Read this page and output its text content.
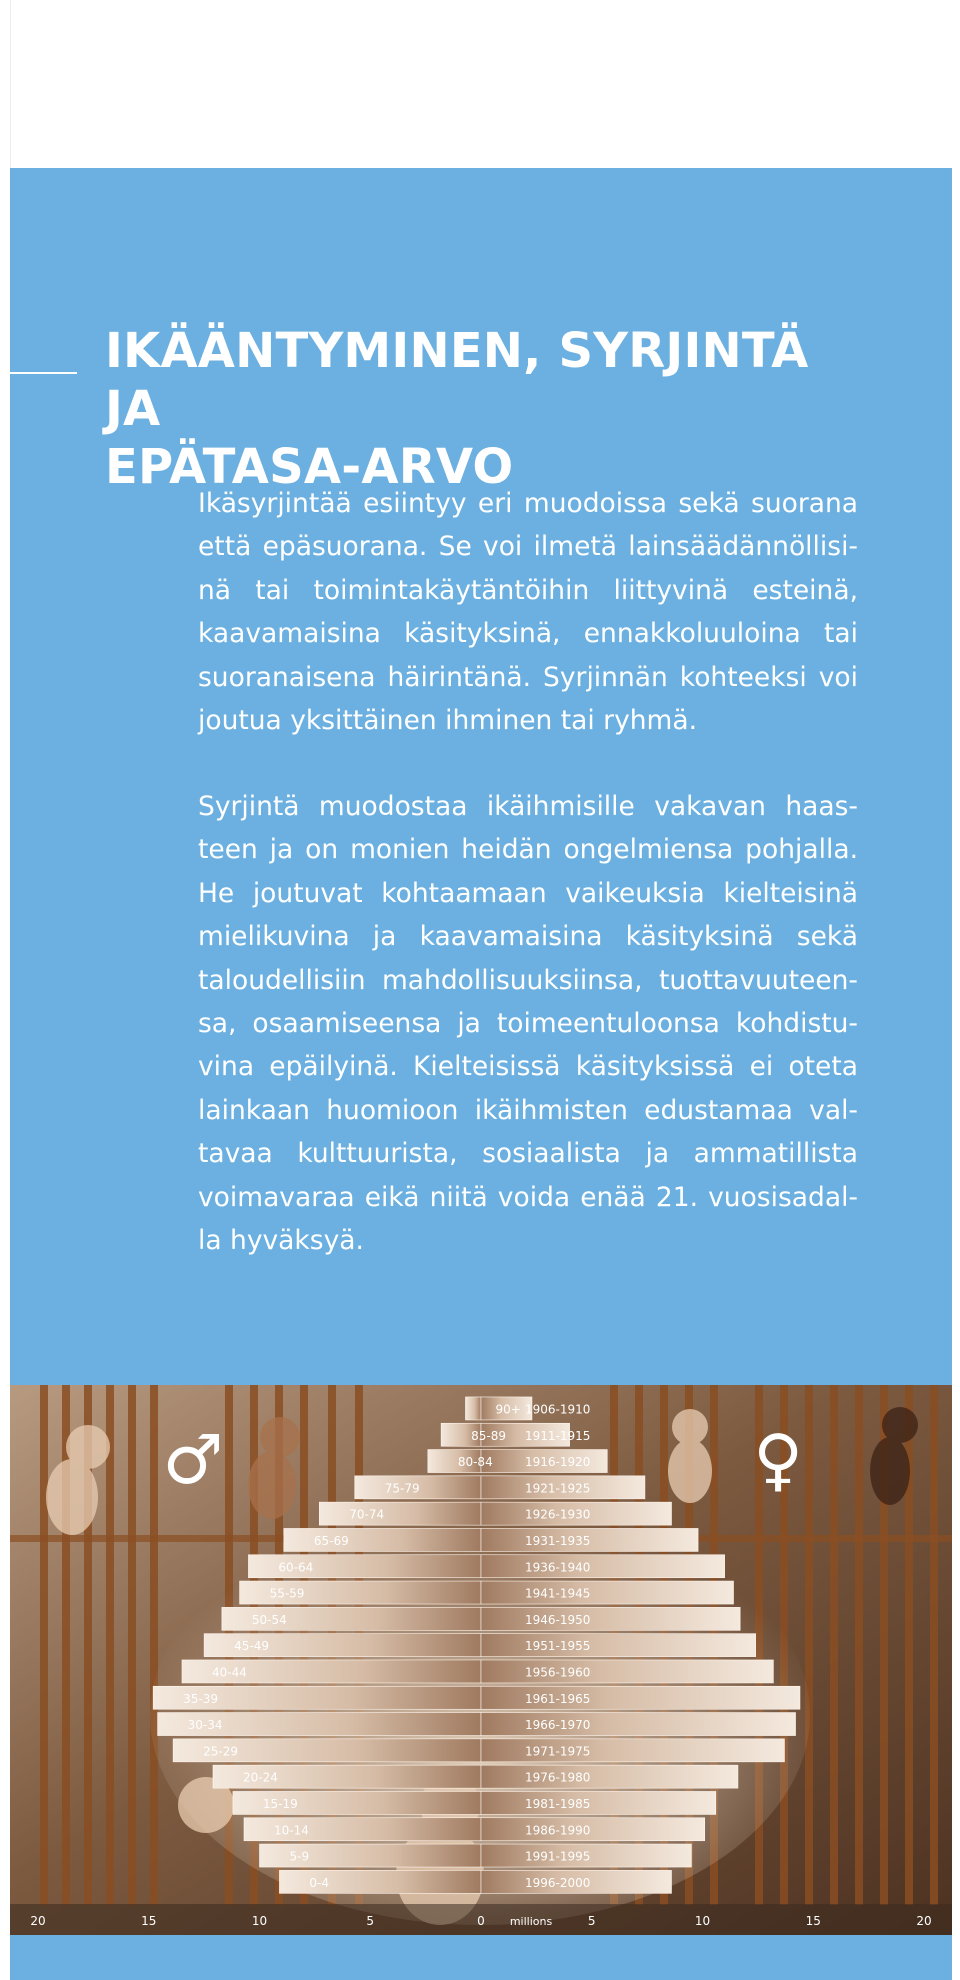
IKÄÄNTYMINEN, SYRJINTÄ JA
EPÄTASA-ARVO
Ikäsyrjintää esiintyy eri muodoissa sekä suorana
että epäsuorana. Se voi ilmetä lainsäädännöllisi-
nä tai toimintakäytäntöihin liittyvinä esteinä,
kaavamaisina käsityksinä, ennakkoluuloina tai
suoranaisena häirintänä. Syrjinnän kohteeksi voi
joutua yksittäinen ihminen tai ryhmä.
Syrjintä muodostaa ikäihmisille vakavan haas-
teen ja on monien heidän ongelmiensa pohjalla.
He joutuvat kohtaamaan vaikeuksia kielteisinä
mielikuvina ja kaavamaisina käsityksinä sekä
taloudellisiin mahdollisuuksiinsa, tuottavuuteen-
sa, osaamiseensa ja toimeentuloonsa kohdistu-
vina epäilyinä. Kielteisissä käsityksissä ei oteta
lainkaan huomioon ikäihmisten edustamaa val-
tavaa kulttuurista, sosiaalista ja ammatillista
voimavaraa eikä niitä voida enää 21. vuosisadal-
la hyväksyä.
0-4	1996-2000
5-9	1991-1995
10-14	1986-1990
15-19	1981-1985
20-24	1976-1980
25-29	1971-1975
30-34	1966-1970
35-39	1961-1965
40-44	1956-1960
45-49	1951-1955
50-54	1946-1950
55-59	1941-1945
60-64	1936-1940
65-69	1931-1935
70-74	1926-1930
75-79	1921-1925
80-84	1916-1920
85-89 1911-1915
90+ 1906-1910
♂	♀
20	15	10	5	0	5	10	15	20
millions
